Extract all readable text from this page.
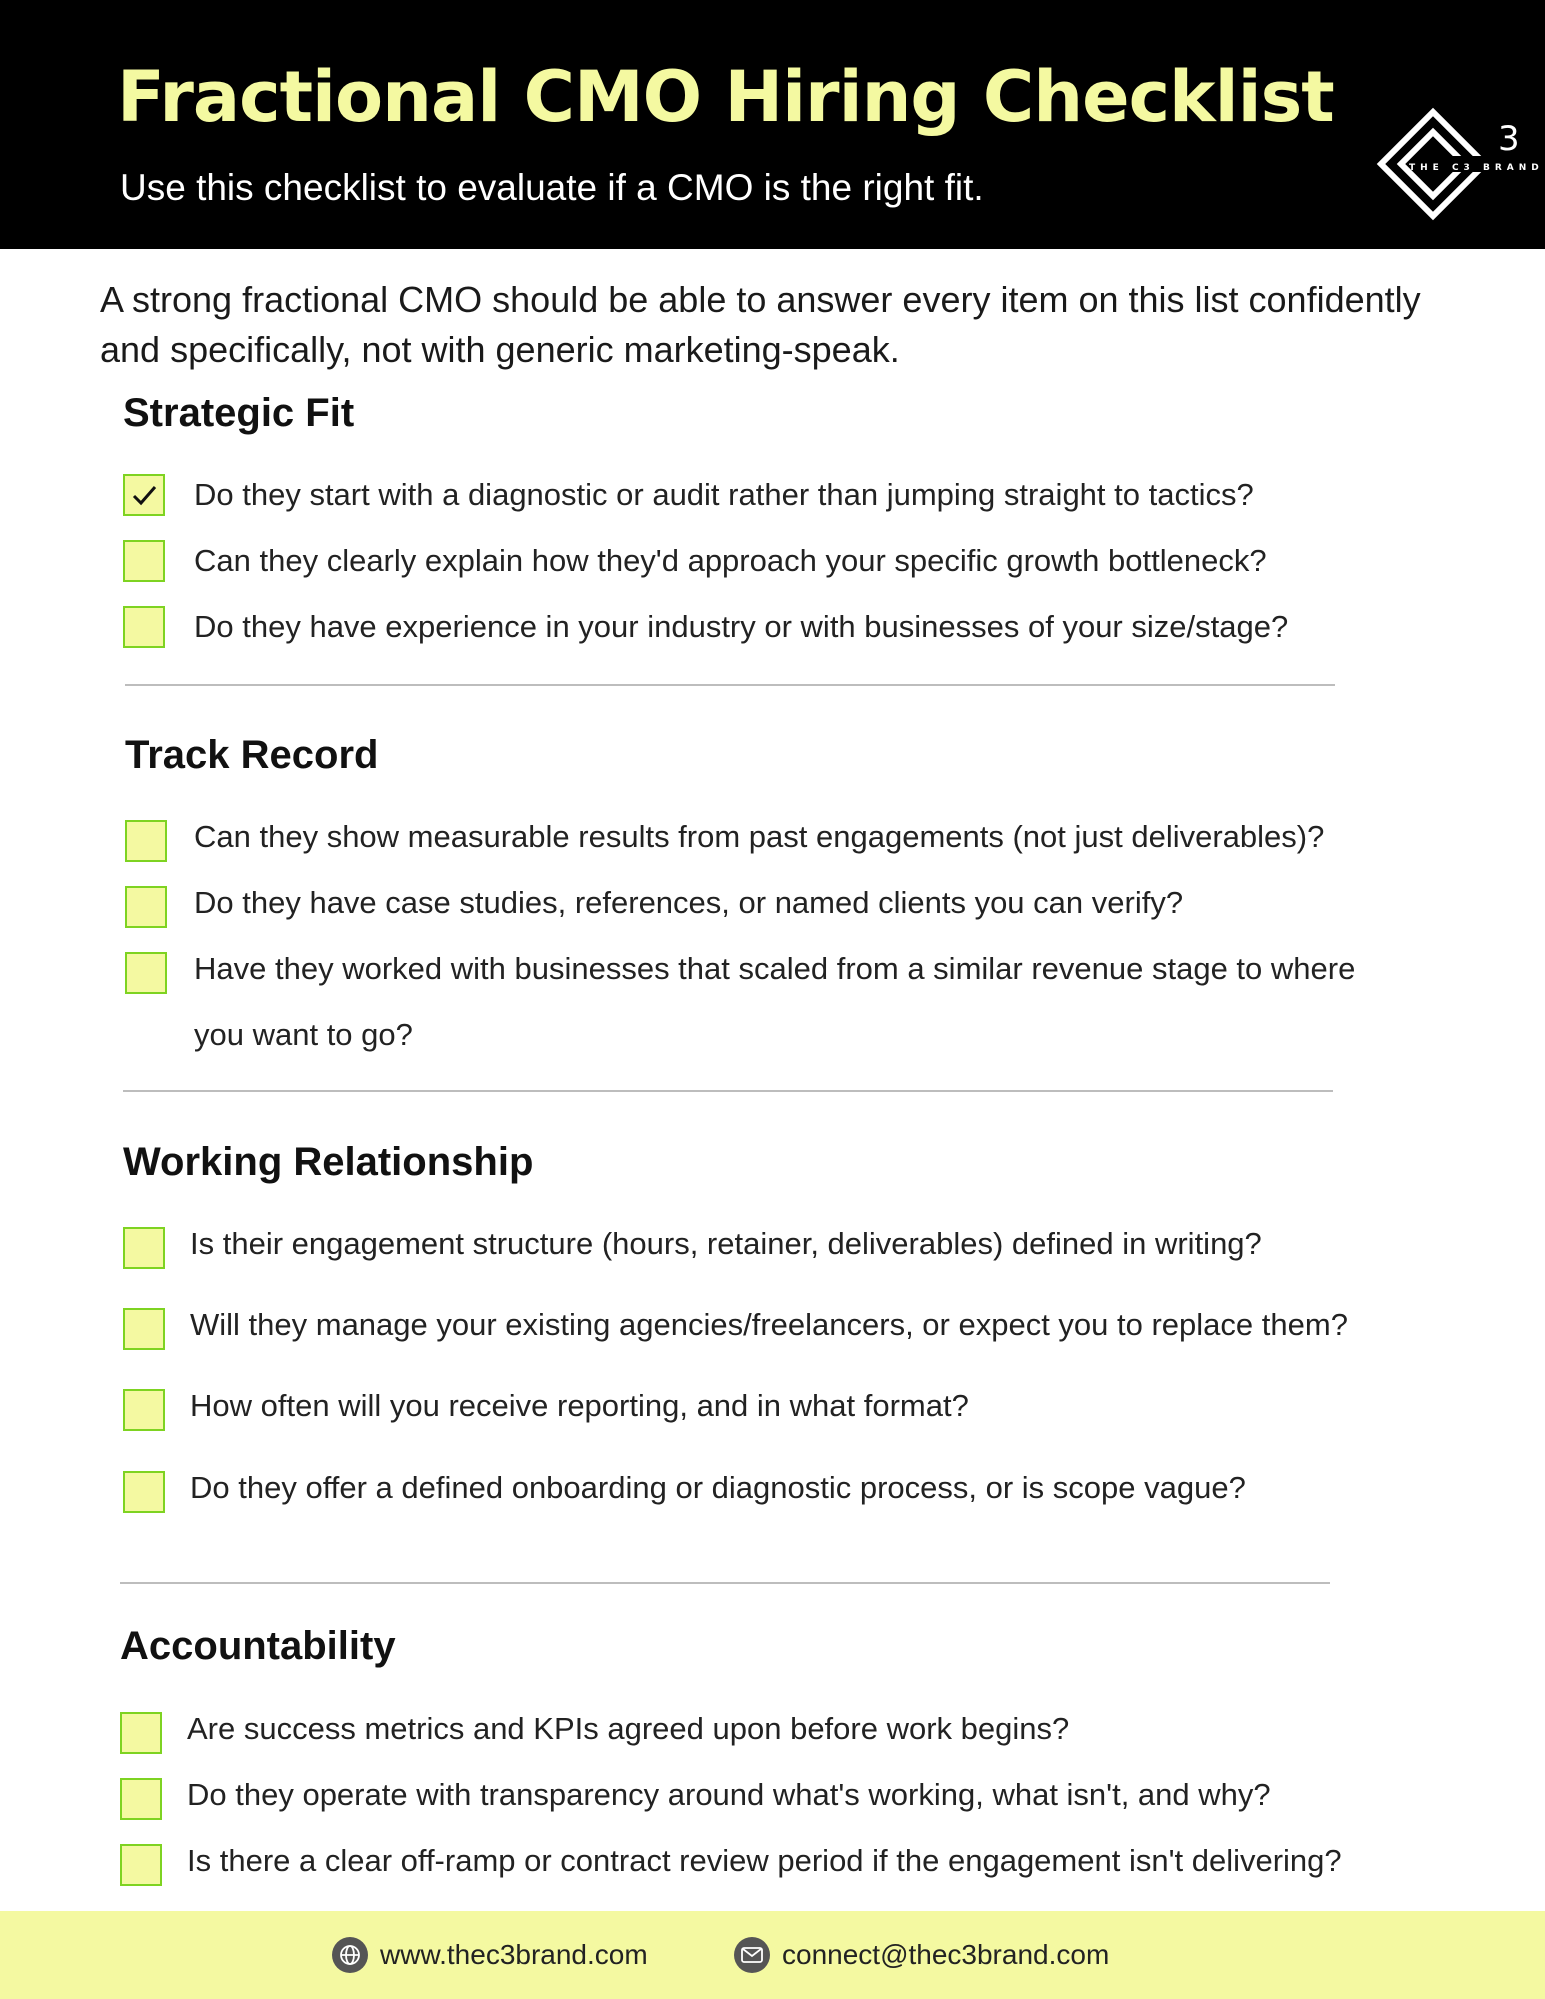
Fractional CMO Hiring Checklist
Use this checklist to evaluate if a CMO is the right fit.
3
THE C3 BRAND
A strong fractional CMO should be able to answer every item on this list confidently and specifically, not with generic marketing-speak.
Strategic Fit
Do they start with a diagnostic or audit rather than jumping straight to tactics?
Can they clearly explain how they'd approach your specific growth bottleneck?
Do they have experience in your industry or with businesses of your size/stage?
Track Record
Can they show measurable results from past engagements (not just deliverables)?
Do they have case studies, references, or named clients you can verify?
Have they worked with businesses that scaled from a similar revenue stage to where
you want to go?
Working Relationship
Is their engagement structure (hours, retainer, deliverables) defined in writing?
Will they manage your existing agencies/freelancers, or expect you to replace them?
How often will you receive reporting, and in what format?
Do they offer a defined onboarding or diagnostic process, or is scope vague?
Accountability
Are success metrics and KPIs agreed upon before work begins?
Do they operate with transparency around what's working, what isn't, and why?
Is there a clear off-ramp or contract review period if the engagement isn't delivering?
www.thec3brand.com	connect@thec3brand.com
